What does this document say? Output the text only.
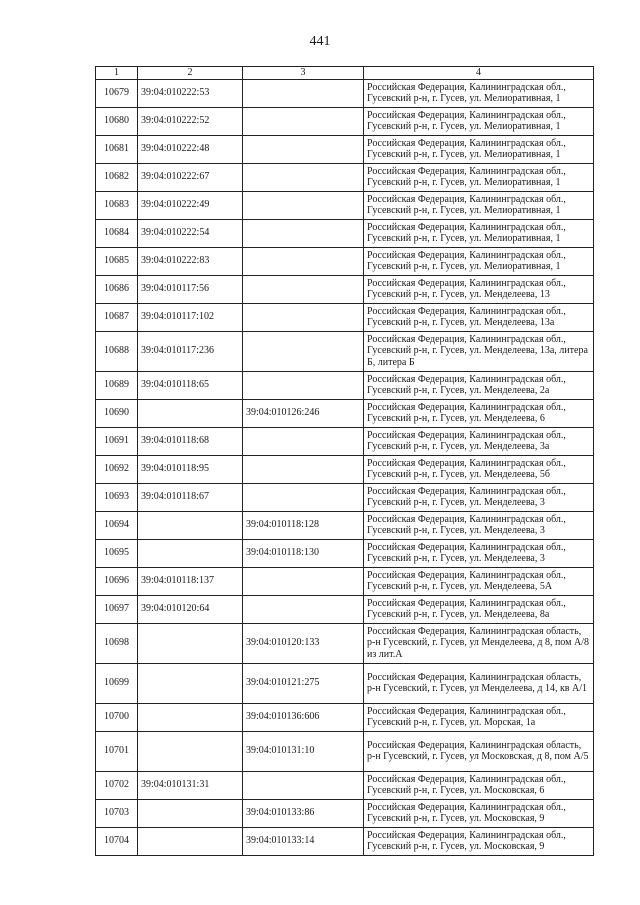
441
1	2	3	4
10679	39:04:010222:53		Российская Федерация, Калининградская обл., Гусевский р-н, г. Гусев, ул. Мелиоративная, 1
10680	39:04:010222:52		Российская Федерация, Калининградская обл., Гусевский р-н, г. Гусев, ул. Мелиоративная, 1
10681	39:04:010222:48		Российская Федерация, Калининградская обл., Гусевский р-н, г. Гусев, ул. Мелиоративная, 1
10682	39:04:010222:67		Российская Федерация, Калининградская обл., Гусевский р-н, г. Гусев, ул. Мелиоративная, 1
10683	39:04:010222:49		Российская Федерация, Калининградская обл., Гусевский р-н, г. Гусев, ул. Мелиоративная, 1
10684	39:04:010222:54		Российская Федерация, Калининградская обл., Гусевский р-н, г. Гусев, ул. Мелиоративная, 1
10685	39:04:010222:83		Российская Федерация, Калининградская обл., Гусевский р-н, г. Гусев, ул. Мелиоративная, 1
10686	39:04:010117:56		Российская Федерация, Калининградская обл., Гусевский р-н, г. Гусев, ул. Менделеева, 13
10687	39:04:010117:102		Российская Федерация, Калининградская обл., Гусевский р-н, г. Гусев, ул. Менделеева, 13а
10688	39:04:010117:236		Российская Федерация, Калининградская обл., Гусевский р-н, г. Гусев, ул. Менделеева, 13а, литера Б, литера Б
10689	39:04:010118:65		Российская Федерация, Калининградская обл., Гусевский р-н, г. Гусев, ул. Менделеева, 2а
10690		39:04:010126:246	Российская Федерация, Калининградская обл., Гусевский р-н, г. Гусев, ул. Менделеева, 6
10691	39:04:010118:68		Российская Федерация, Калининградская обл., Гусевский р-н, г. Гусев, ул. Менделеева, 3а
10692	39:04:010118:95		Российская Федерация, Калининградская обл., Гусевский р-н, г. Гусев, ул. Менделеева, 5б
10693	39:04:010118:67		Российская Федерация, Калининградская обл., Гусевский р-н, г. Гусев, ул. Менделеева, 3
10694		39:04:010118:128	Российская Федерация, Калининградская обл., Гусевский р-н, г. Гусев, ул. Менделеева, 3
10695		39:04:010118:130	Российская Федерация, Калининградская обл., Гусевский р-н, г. Гусев, ул. Менделеева, 3
10696	39:04:010118:137		Российская Федерация, Калининградская обл., Гусевский р-н, г. Гусев, ул. Менделеева, 5А
10697	39:04:010120:64		Российская Федерация, Калининградская обл., Гусевский р-н, г. Гусев, ул. Менделеева, 8а
10698		39:04:010120:133	Российская Федерация, Калининградская область, р-н Гусевский, г. Гусев, ул Менделеева, д 8, пом А/8 из лит.А
10699		39:04:010121:275	Российская Федерация, Калининградская область, р-н Гусевский, г. Гусев, ул Менделеева, д 14, кв А/1
10700		39:04:010136:606	Российская Федерация, Калининградская обл., Гусевский р-н, г. Гусев, ул. Морская, 1а
10701		39:04:010131:10	Российская Федерация, Калининградская область, р-н Гусевский, г. Гусев, ул Московская, д 8, пом А/5
10702	39:04:010131:31		Российская Федерация, Калининградская обл., Гусевский р-н, г. Гусев, ул. Московская, 6
10703		39:04:010133:86	Российская Федерация, Калининградская обл., Гусевский р-н, г. Гусев, ул. Московская, 9
10704		39:04:010133:14	Российская Федерация, Калининградская обл., Гусевский р-н, г. Гусев, ул. Московская, 9
